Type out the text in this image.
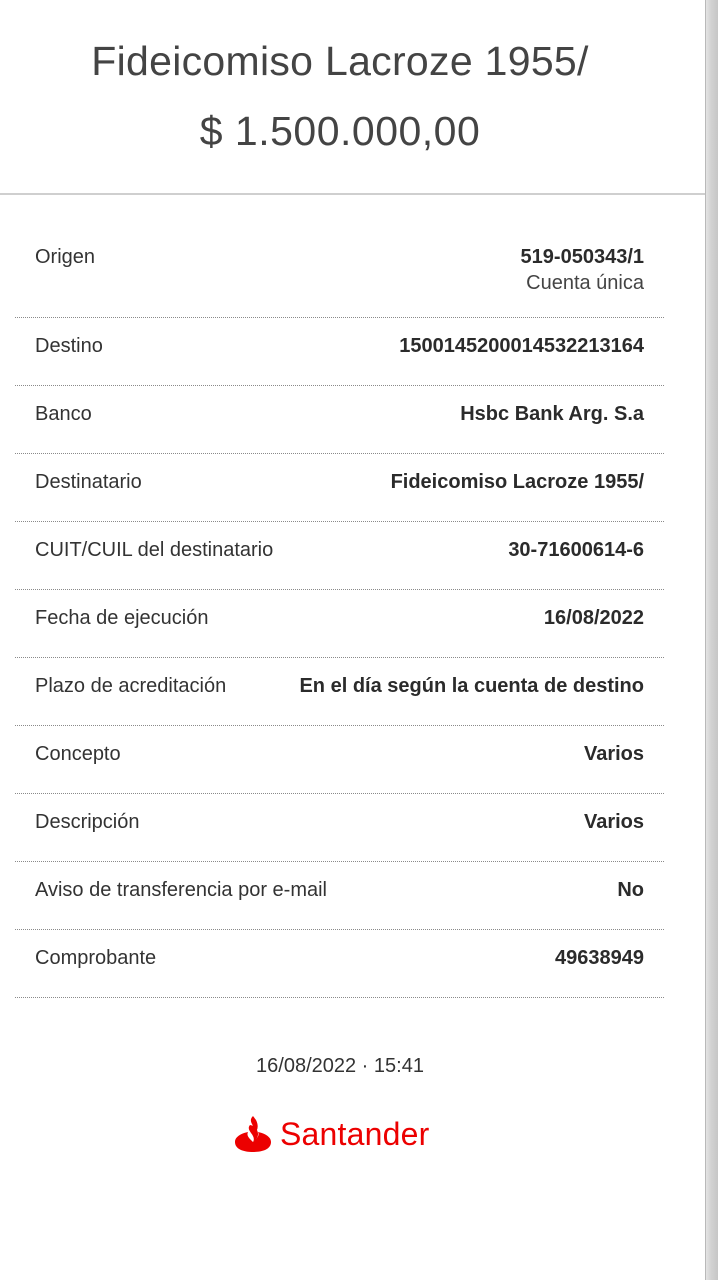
Fideicomiso Lacroze 1955/
$ 1.500.000,00
Origen	519-050343/1
Cuenta única
Destino	1500145200014532213164
Banco	Hsbc Bank Arg. S.a
Destinatario	Fideicomiso Lacroze 1955/
CUIT/CUIL del destinatario	30-71600614-6
Fecha de ejecución	16/08/2022
Plazo de acreditación	En el día según la cuenta de destino
Concepto	Varios
Descripción	Varios
Aviso de transferencia por e-mail	No
Comprobante	49638949
16/08/2022 · 15:41
Santander
